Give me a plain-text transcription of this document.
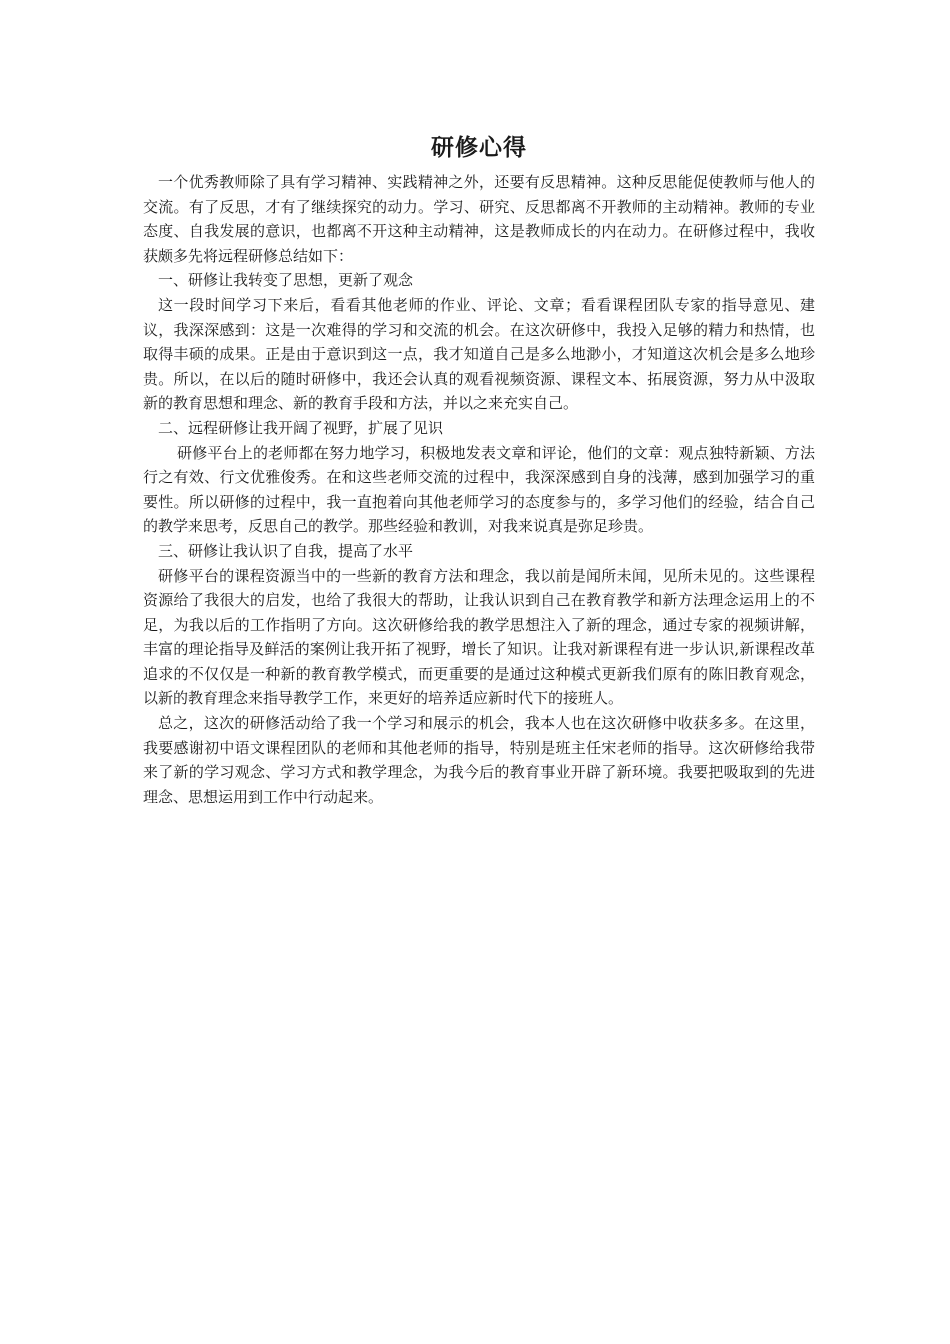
研修心得

一个优秀教师除了具有学习精神、实践精神之外，还要有反思精神。这种反思能促使教师与他人的交流。有了反思，才有了继续探究的动力。学习、研究、反思都离不开教师的主动精神。教师的专业态度、自我发展的意识，也都离不开这种主动精神，这是教师成长的内在动力。在研修过程中，我收获颇多先将远程研修总结如下：

一、研修让我转变了思想，更新了观念

这一段时间学习下来后，看看其他老师的作业、评论、文章；看看课程团队专家的指导意见、建议，我深深感到：这是一次难得的学习和交流的机会。在这次研修中，我投入足够的精力和热情，也取得丰硕的成果。正是由于意识到这一点，我才知道自己是多么地渺小，才知道这次机会是多么地珍贵。所以，在以后的随时研修中，我还会认真的观看视频资源、课程文本、拓展资源，努力从中汲取新的教育思想和理念、新的教育手段和方法，并以之来充实自己。

二、远程研修让我开阔了视野，扩展了见识

研修平台上的老师都在努力地学习，积极地发表文章和评论，他们的文章：观点独特新颖、方法行之有效、行文优雅俊秀。在和这些老师交流的过程中，我深深感到自身的浅薄，感到加强学习的重要性。所以研修的过程中，我一直抱着向其他老师学习的态度参与的，多学习他们的经验，结合自己的教学来思考，反思自己的教学。那些经验和教训，对我来说真是弥足珍贵。

三、研修让我认识了自我，提高了水平

研修平台的课程资源当中的一些新的教育方法和理念，我以前是闻所未闻，见所未见的。这些课程资源给了我很大的启发，也给了我很大的帮助，让我认识到自己在教育教学和新方法理念运用上的不足，为我以后的工作指明了方向。这次研修给我的教学思想注入了新的理念，通过专家的视频讲解，丰富的理论指导及鲜活的案例让我开拓了视野，增长了知识。让我对新课程有进一步认识,新课程改革追求的不仅仅是一种新的教育教学模式，而更重要的是通过这种模式更新我们原有的陈旧教育观念，以新的教育理念来指导教学工作，来更好的培养适应新时代下的接班人。

总之，这次的研修活动给了我一个学习和展示的机会，我本人也在这次研修中收获多多。在这里，我要感谢初中语文课程团队的老师和其他老师的指导，特别是班主任宋老师的指导。这次研修给我带来了新的学习观念、学习方式和教学理念，为我今后的教育事业开辟了新环境。我要把吸取到的先进理念、思想运用到工作中行动起来。
